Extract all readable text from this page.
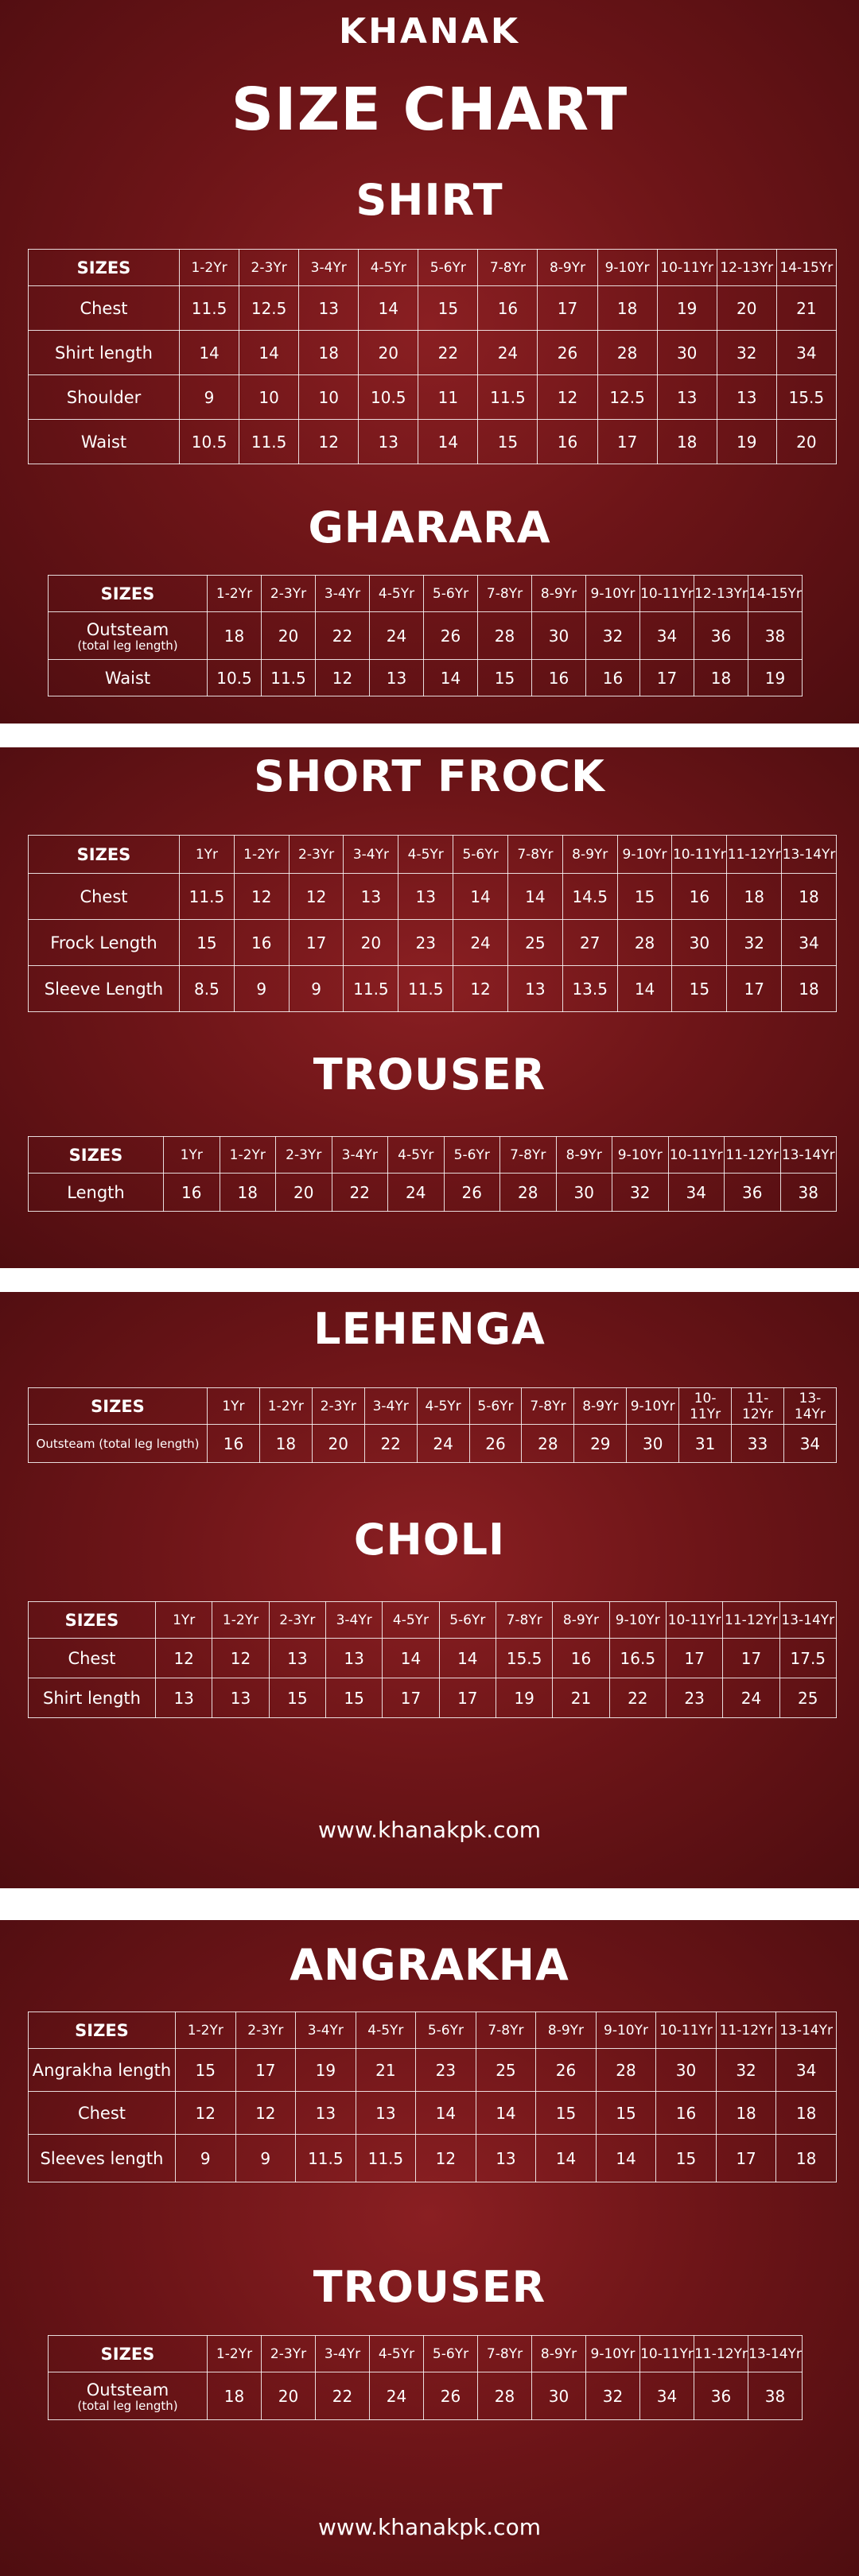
KHANAK
SIZE CHART
SHIRT
SIZES	1-2Yr	2-3Yr	3-4Yr	4-5Yr	5-6Yr	7-8Yr	8-9Yr	9-10Yr	10-11Yr	12-13Yr	14-15Yr
Chest	11.5	12.5	13	14	15	16	17	18	19	20	21
Shirt length	14	14	18	20	22	24	26	28	30	32	34
Shoulder	9	10	10	10.5	11	11.5	12	12.5	13	13	15.5
Waist	10.5	11.5	12	13	14	15	16	17	18	19	20
GHARARA
SIZES	1-2Yr	2-3Yr	3-4Yr	4-5Yr	5-6Yr	7-8Yr	8-9Yr	9-10Yr	10-11Yr	12-13Yr	14-15Yr
Outsteam
(total leg length)	18	20	22	24	26	28	30	32	34	36	38
Waist	10.5	11.5	12	13	14	15	16	16	17	18	19
SHORT FROCK
SIZES	1Yr	1-2Yr	2-3Yr	3-4Yr	4-5Yr	5-6Yr	7-8Yr	8-9Yr	9-10Yr	10-11Yr	11-12Yr	13-14Yr
Chest	11.5	12	12	13	13	14	14	14.5	15	16	18	18
Frock Length	15	16	17	20	23	24	25	27	28	30	32	34
Sleeve Length	8.5	9	9	11.5	11.5	12	13	13.5	14	15	17	18
TROUSER
SIZES	1Yr	1-2Yr	2-3Yr	3-4Yr	4-5Yr	5-6Yr	7-8Yr	8-9Yr	9-10Yr	10-11Yr	11-12Yr	13-14Yr
Length	16	18	20	22	24	26	28	30	32	34	36	38
LEHENGA
SIZES	1Yr	1-2Yr	2-3Yr	3-4Yr	4-5Yr	5-6Yr	7-8Yr	8-9Yr	9-10Yr	10-11Yr	11-12Yr	13-14Yr
Outsteam (total leg length)	16	18	20	22	24	26	28	29	30	31	33	34
CHOLI
SIZES	1Yr	1-2Yr	2-3Yr	3-4Yr	4-5Yr	5-6Yr	7-8Yr	8-9Yr	9-10Yr	10-11Yr	11-12Yr	13-14Yr
Chest	12	12	13	13	14	14	15.5	16	16.5	17	17	17.5
Shirt length	13	13	15	15	17	17	19	21	22	23	24	25
www.khanakpk.com
ANGRAKHA
SIZES	1-2Yr	2-3Yr	3-4Yr	4-5Yr	5-6Yr	7-8Yr	8-9Yr	9-10Yr	10-11Yr	11-12Yr	13-14Yr
Angrakha length	15	17	19	21	23	25	26	28	30	32	34
Chest	12	12	13	13	14	14	15	15	16	18	18
Sleeves length	9	9	11.5	11.5	12	13	14	14	15	17	18
TROUSER
SIZES	1-2Yr	2-3Yr	3-4Yr	4-5Yr	5-6Yr	7-8Yr	8-9Yr	9-10Yr	10-11Yr	11-12Yr	13-14Yr
Outsteam
(total leg length)	18	20	22	24	26	28	30	32	34	36	38
www.khanakpk.com
